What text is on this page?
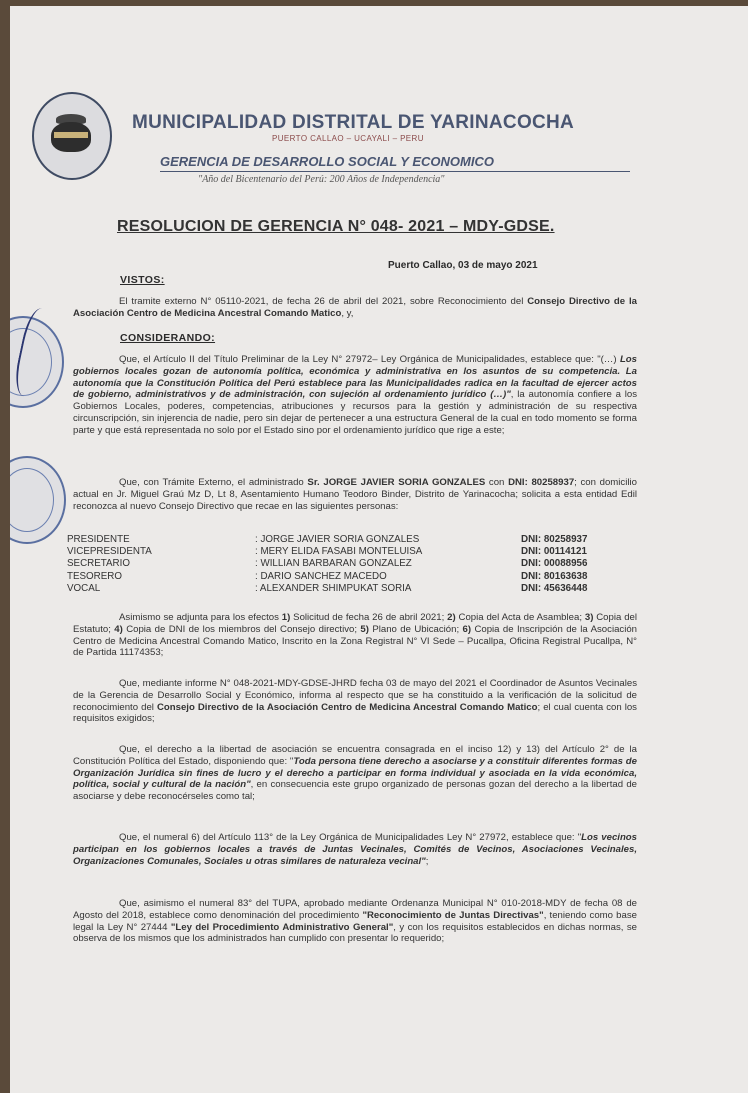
MUNICIPALIDAD DISTRITAL DE YARINACOCHA
PUERTO CALLAO – UCAYALI – PERU
GERENCIA DE DESARROLLO SOCIAL Y ECONOMICO
"Año del Bicentenario del Perú: 200 Años de Independencia"
RESOLUCION DE GERENCIA N° 048- 2021 – MDY-GDSE.
Puerto Callao, 03 de mayo 2021
VISTOS:
El tramite externo N° 05110-2021, de fecha 26 de abril del 2021, sobre Reconocimiento del Consejo Directivo de la Asociación Centro de Medicina Ancestral Comando Matico, y,
CONSIDERANDO:
Que, el Artículo II del Título Preliminar de la Ley N° 27972– Ley Orgánica de Municipalidades, establece que: "(…) Los gobiernos locales gozan de autonomía política, económica y administrativa en los asuntos de su competencia. La autonomía que la Constitución Política del Perú establece para las Municipalidades radica en la facultad de ejercer actos de gobierno, administrativos y de administración, con sujeción al ordenamiento jurídico (…)", la autonomía confiere a los Gobiernos Locales, poderes, competencias, atribuciones y recursos para la gestión y administración de su respectiva circunscripción, sin injerencia de nadie, pero sin dejar de pertenecer a una estructura General de la cual en todo momento se forma parte y que está representada no solo por el Estado sino por el ordenamiento jurídico que rige a este;
Que, con Trámite Externo, el administrado Sr. JORGE JAVIER SORIA GONZALES con DNI: 80258937; con domicilio actual en Jr. Miguel Graú Mz D, Lt 8, Asentamiento Humano Teodoro Binder, Distrito de Yarinacocha; solicita a esta entidad Edil reconozca al nuevo Consejo Directivo que recae en las siguientes personas:
PRESIDENTE	: JORGE JAVIER SORIA GONZALES	DNI: 80258937
VICEPRESIDENTA	: MERY ELIDA FASABI MONTELUISA	DNI: 00114121
SECRETARIO	: WILLIAN BARBARAN GONZALEZ	DNI: 00088956
TESORERO	: DARIO SANCHEZ MACEDO	DNI: 80163638
VOCAL	: ALEXANDER SHIMPUKAT SORIA	DNI: 45636448
Asimismo se adjunta para los efectos 1) Solicitud de fecha 26 de abril 2021; 2) Copia del Acta de Asamblea; 3) Copia del Estatuto; 4) Copia de DNI de los miembros del Consejo directivo; 5) Plano de Ubicación; 6) Copia de Inscripción de la Asociación Centro de Medicina Ancestral Comando Matico, Inscrito en la Zona Registral N° VI Sede – Pucallpa, Oficina Registral Pucallpa, N° de Partida 11174353;
Que, mediante informe N° 048-2021-MDY-GDSE-JHRD fecha 03 de mayo del 2021 el Coordinador de Asuntos Vecinales de la Gerencia de Desarrollo Social y Económico, informa al respecto que se ha constituido a la verificación de la solicitud de reconocimiento del Consejo Directivo de la Asociación Centro de Medicina Ancestral Comando Matico; el cual cuenta con los requisitos exigidos;
Que, el derecho a la libertad de asociación se encuentra consagrada en el inciso 12) y 13) del Artículo 2° de la Constitución Política del Estado, disponiendo que: "Toda persona tiene derecho a asociarse y a constituir diferentes formas de Organización Jurídica sin fines de lucro y el derecho a participar en forma individual y asociada en la vida económica, política, social y cultural de la nación", en consecuencia este grupo organizado de personas gozan del derecho a la libertad de asociarse y debe reconocérseles como tal;
Que, el numeral 6) del Artículo 113° de la Ley Orgánica de Municipalidades Ley N° 27972, establece que: "Los vecinos participan en los gobiernos locales a través de Juntas Vecinales, Comités de Vecinos, Asociaciones Vecinales, Organizaciones Comunales, Sociales u otras similares de naturaleza vecinal";
Que, asimismo el numeral 83° del TUPA, aprobado mediante Ordenanza Municipal N° 010-2018-MDY de fecha 08 de Agosto del 2018, establece como denominación del procedimiento "Reconocimiento de Juntas Directivas", teniendo como base legal la Ley N° 27444 "Ley del Procedimiento Administrativo General", y con los requisitos establecidos en dichas normas, se observa de los mismos que los administrados han cumplido con presentar lo requerido;
